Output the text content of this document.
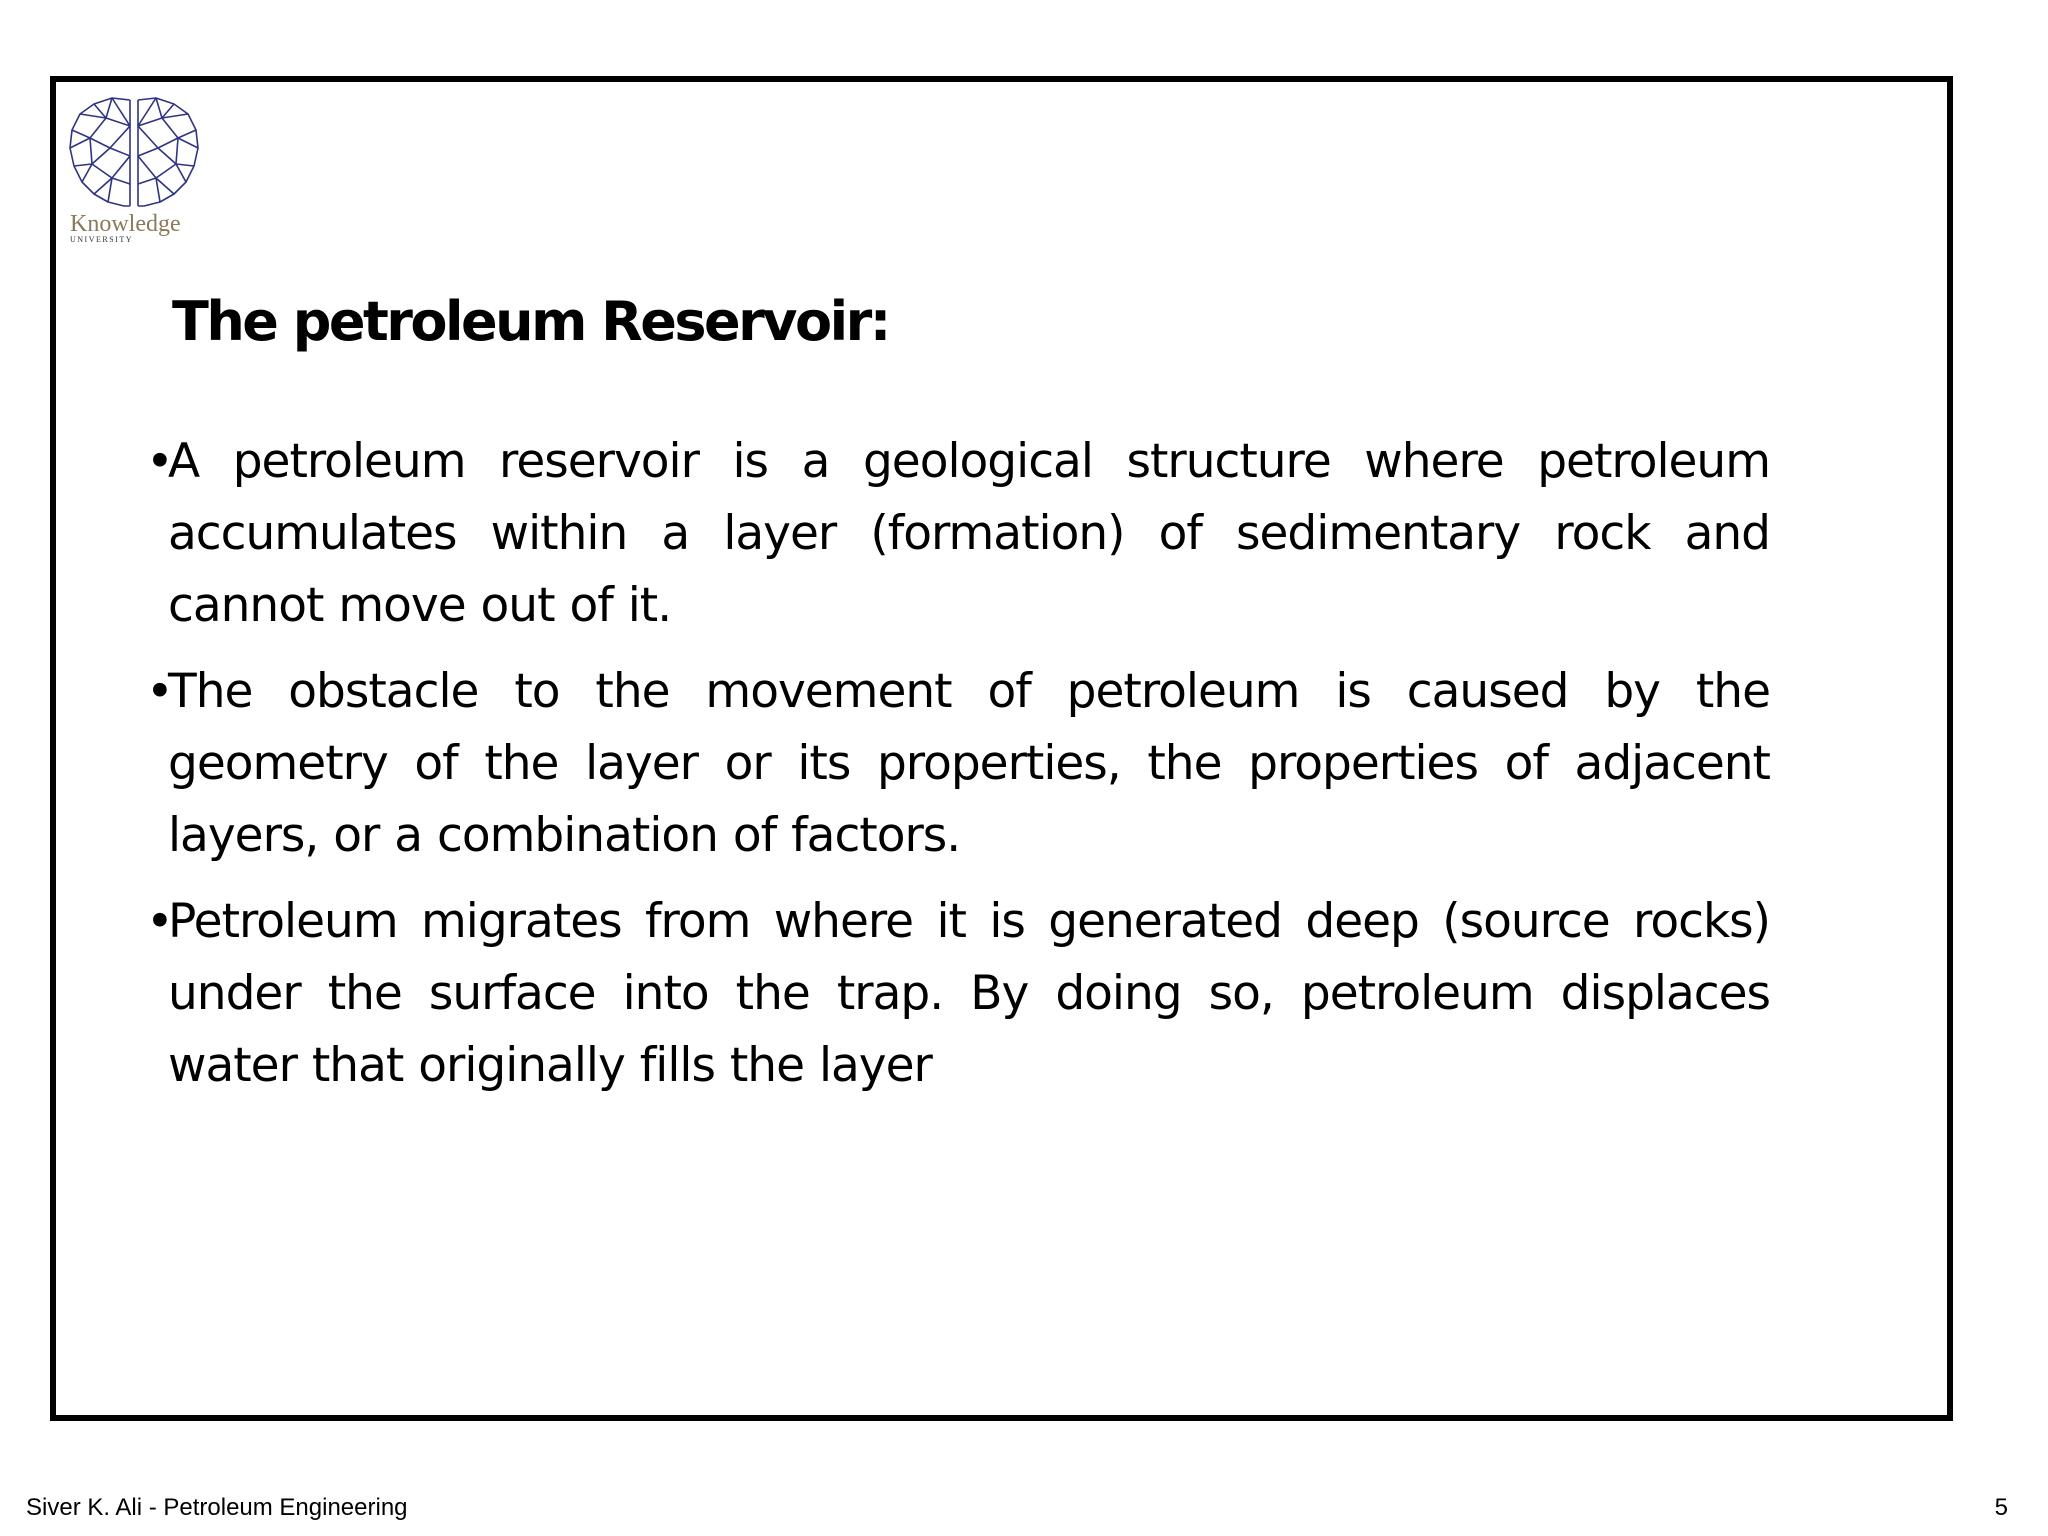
Knowledge
UNIVERSITY
The petroleum Reservoir:
•
A petroleum reservoir is a geological structure where petroleum accumulates within a layer (formation) of sedimentary rock and cannot move out of it.
•
The obstacle to the movement of petroleum is caused by the geometry of the layer or its properties, the properties of adjacent layers, or a combination of factors.
•
Petroleum migrates from where it is generated deep (source rocks) under the surface into the trap. By doing so, petroleum displaces water that originally fills the layer
Siver K. Ali - Petroleum Engineering	5
